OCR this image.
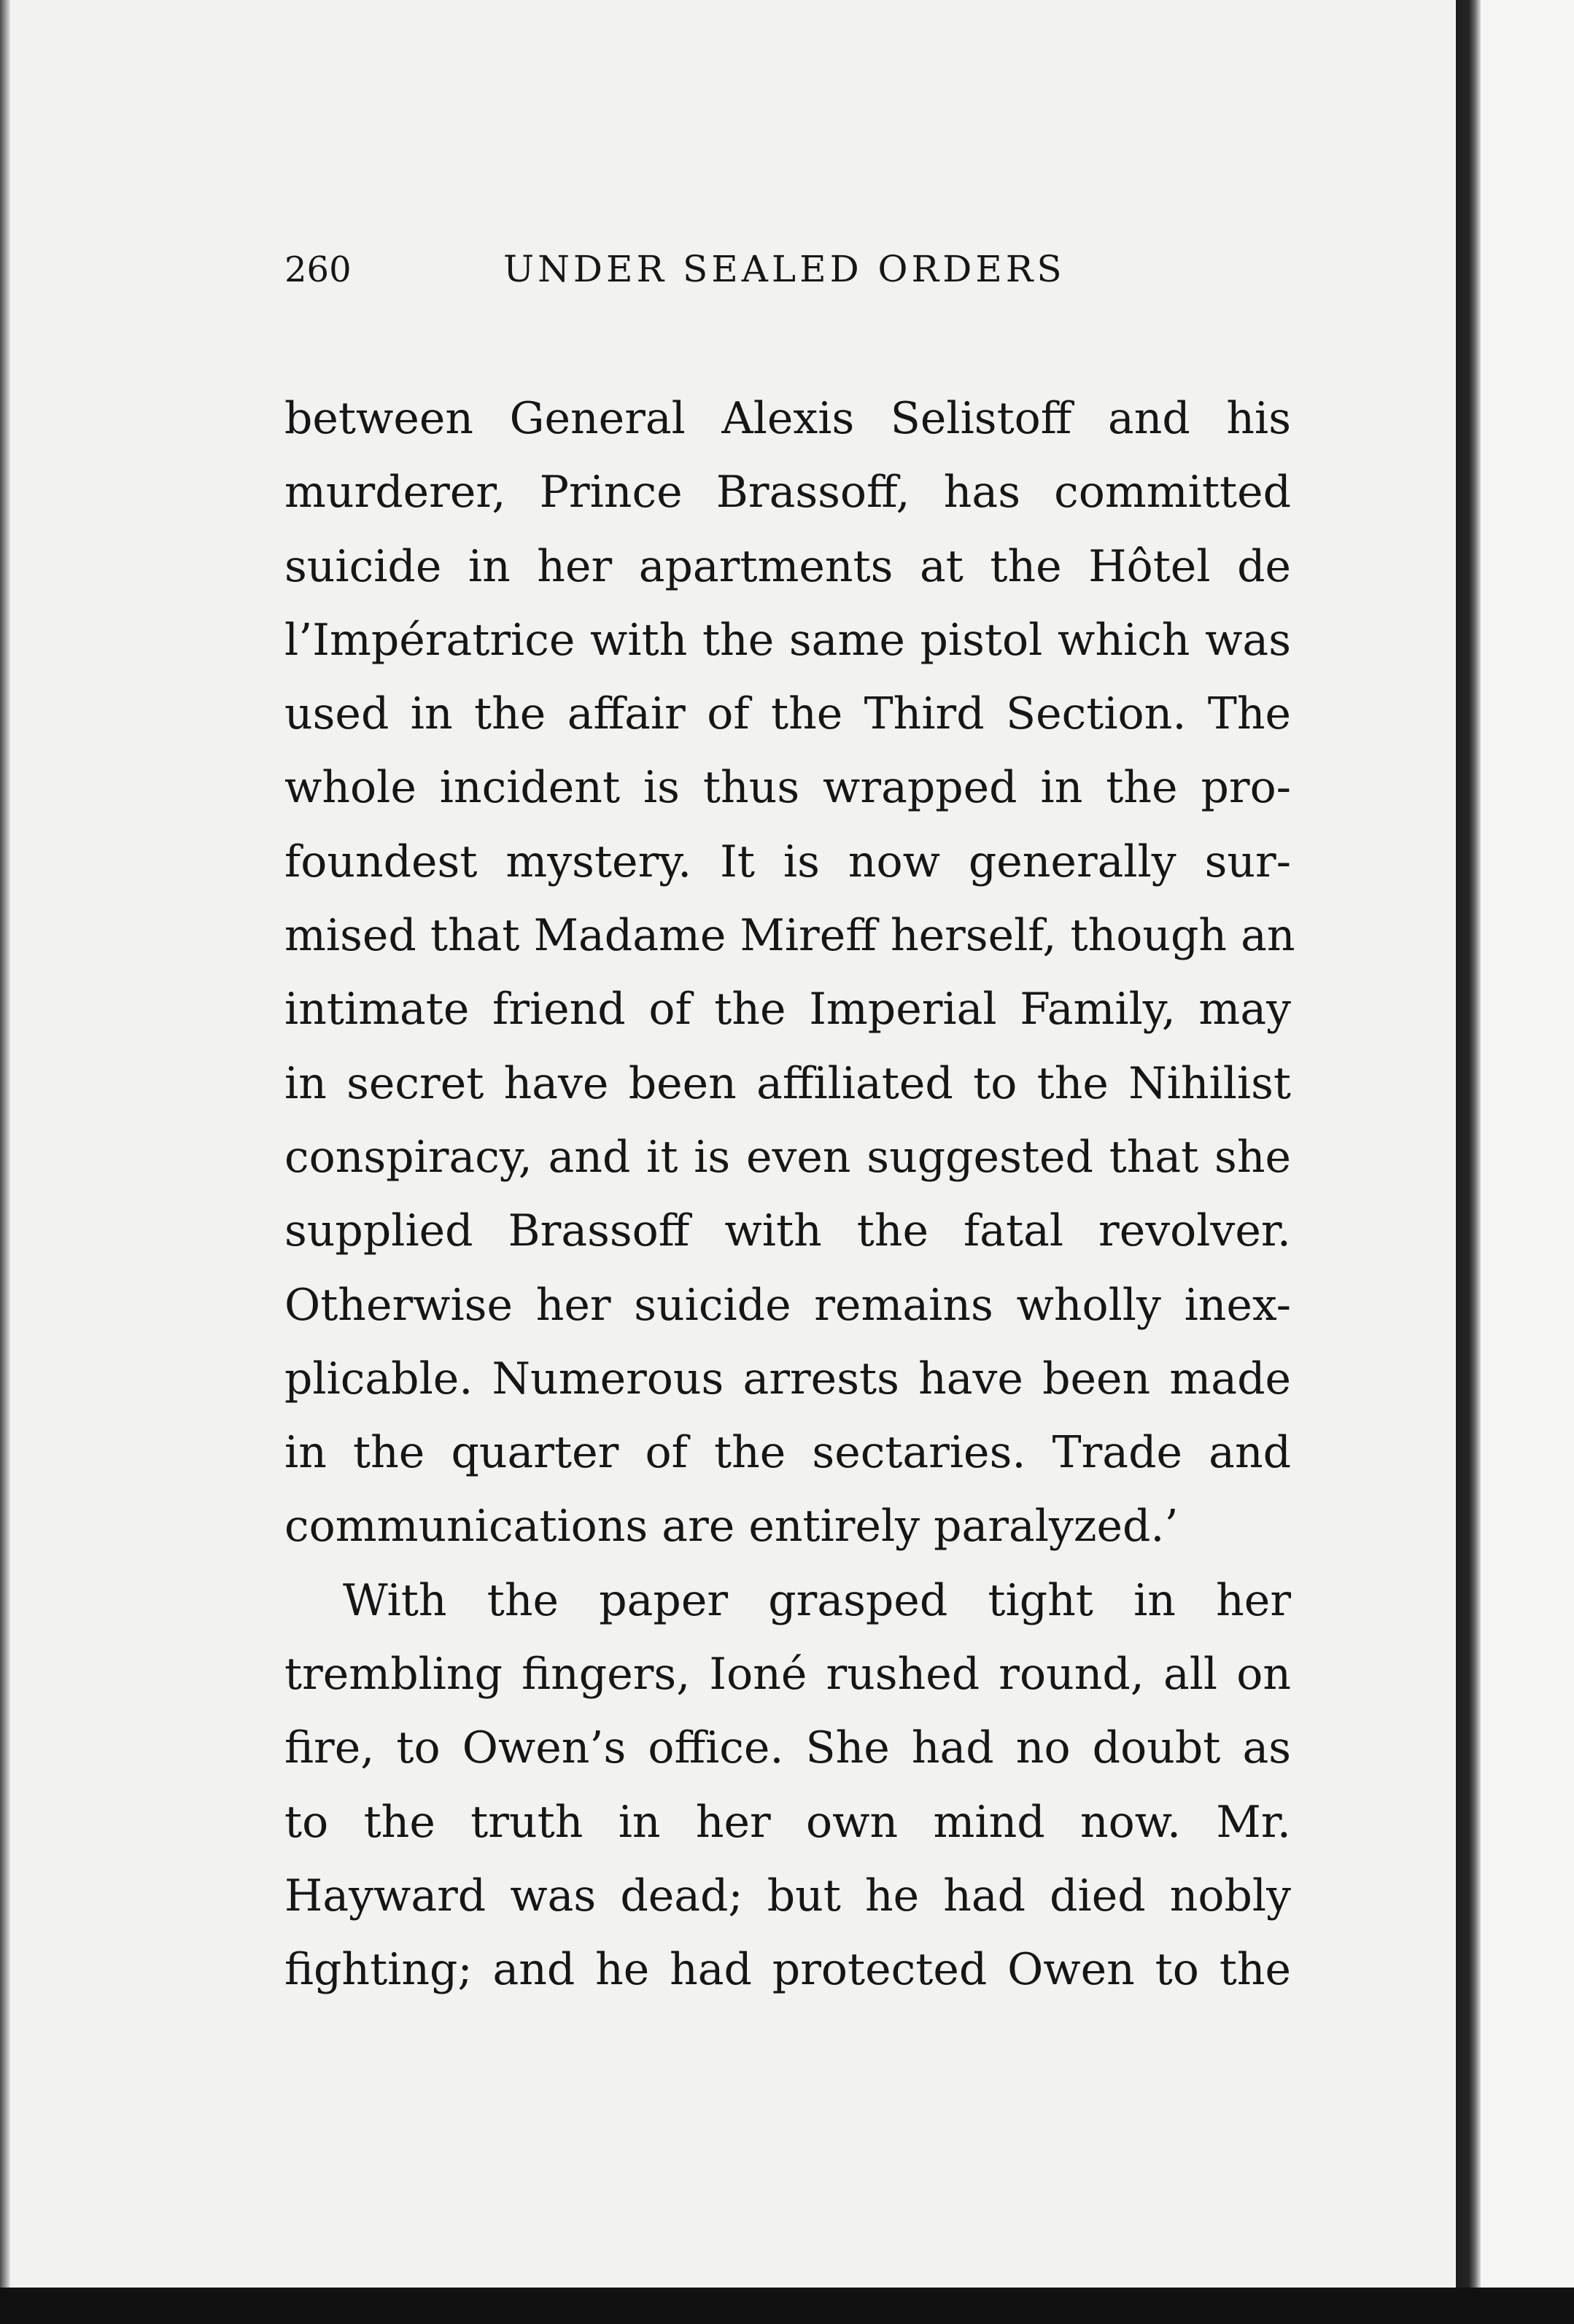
260	UNDER SEALED ORDERS
between General Alexis Selistoff and his
murderer, Prince Brassoff, has committed
suicide in her apartments at the Hôtel de
l’Impératrice with the same pistol which was
used in the affair of the Third Section. The
whole incident is thus wrapped in the pro-
foundest mystery. It is now generally sur-
mised that Madame Mireff herself, though an
intimate friend of the Imperial Family, may
in secret have been affiliated to the Nihilist
conspiracy, and it is even suggested that she
supplied Brassoff with the fatal revolver.
Otherwise her suicide remains wholly inex-
plicable. Numerous arrests have been made
in the quarter of the sectaries. Trade and
communications are entirely paralyzed.’
With the paper grasped tight in her
trembling fingers, Ioné rushed round, all on
fire, to Owen’s office. She had no doubt as
to the truth in her own mind now. Mr.
Hayward was dead; but he had died nobly
fighting; and he had protected Owen to the
